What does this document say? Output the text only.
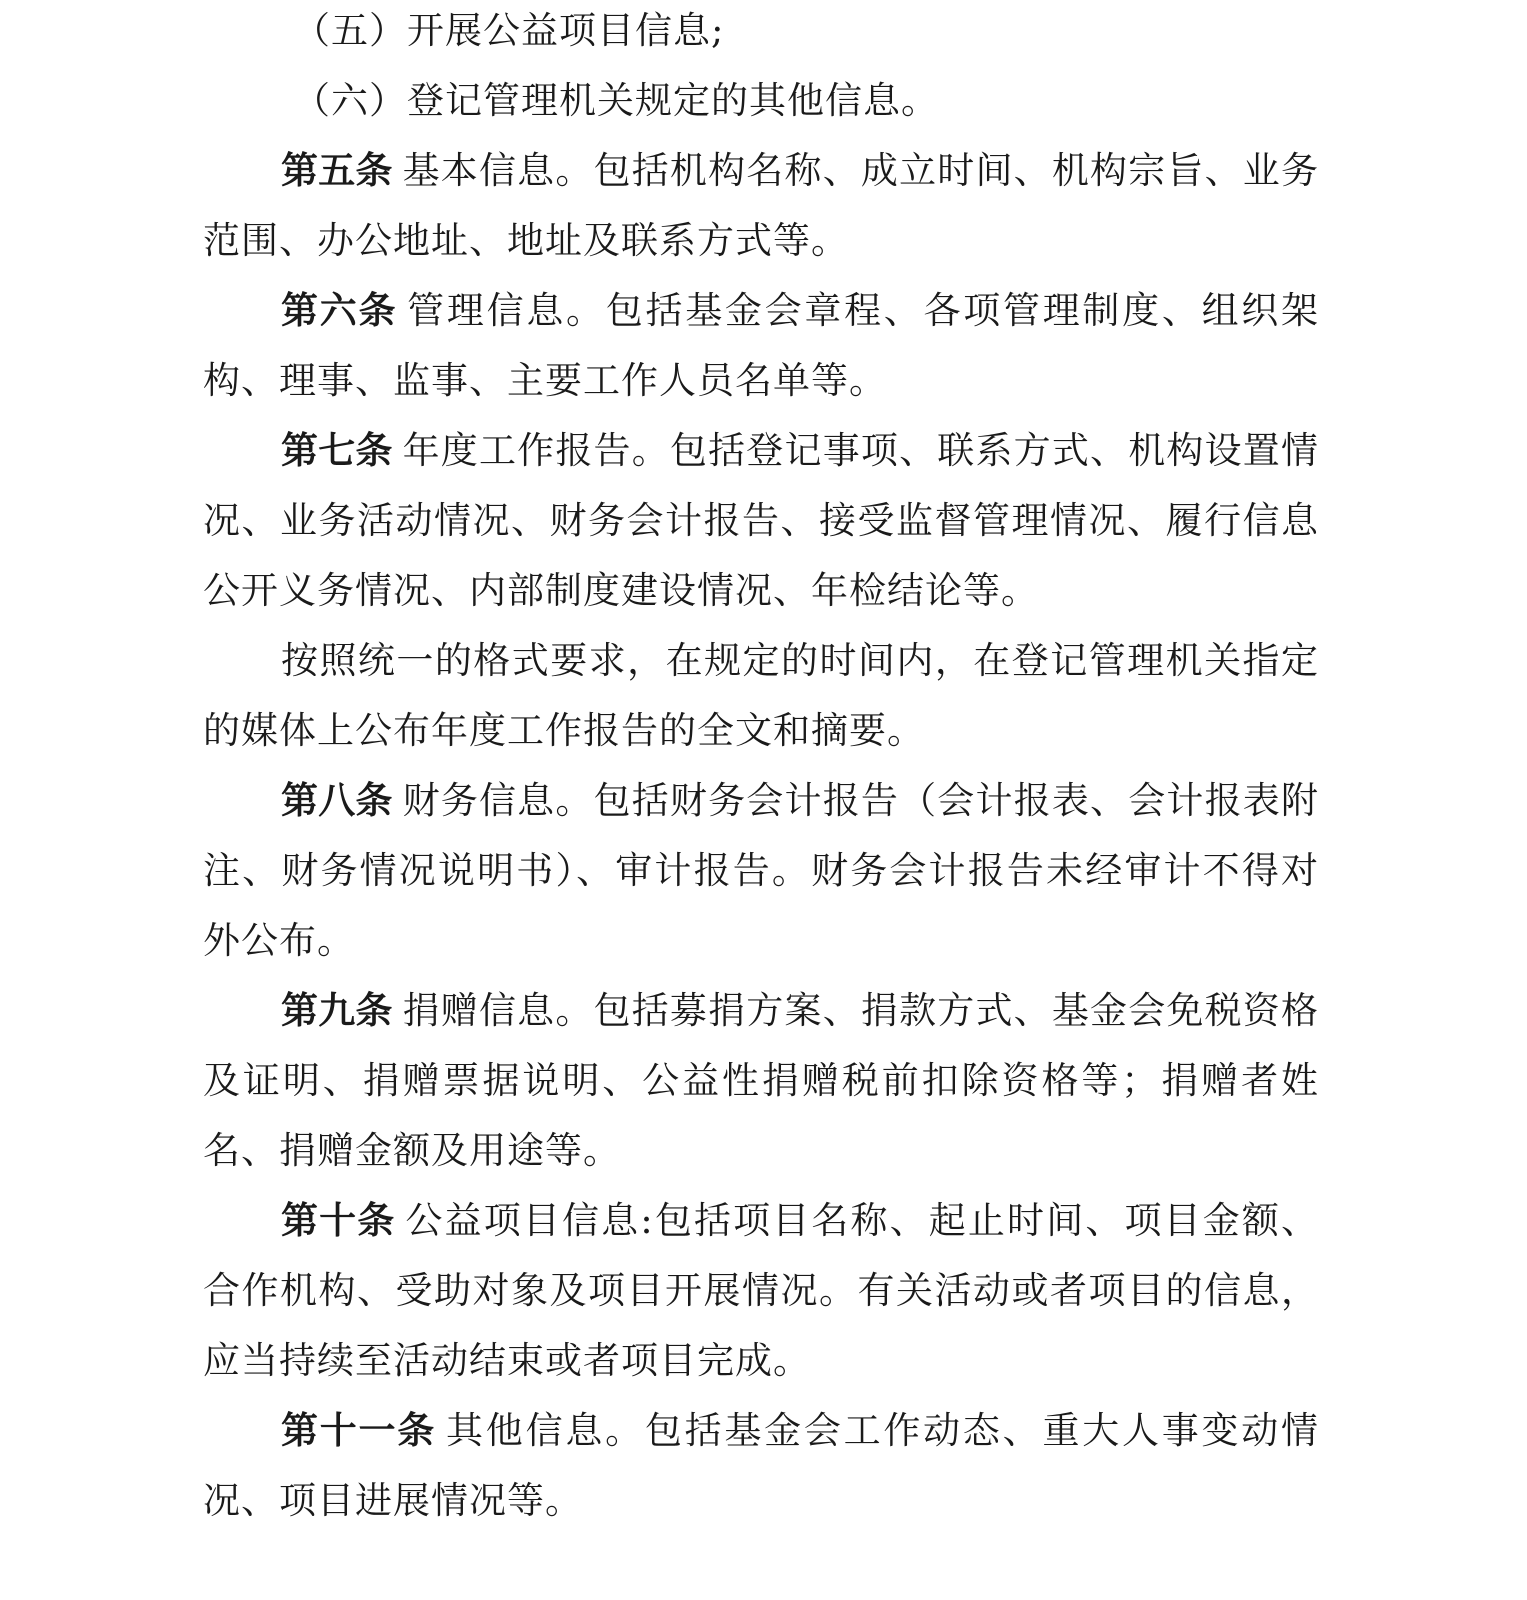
（五）开展公益项目信息;

（六）登记管理机关规定的其他信息。

第五条 基本信息。包括机构名称、成立时间、机构宗旨、业务范围、办公地址、地址及联系方式等。

第六条 管理信息。包括基金会章程、各项管理制度、组织架构、理事、监事、主要工作人员名单等。

第七条 年度工作报告。包括登记事项、联系方式、机构设置情况、业务活动情况、财务会计报告、接受监督管理情况、履行信息公开义务情况、内部制度建设情况、年检结论等。

按照统一的格式要求，在规定的时间内，在登记管理机关指定的媒体上公布年度工作报告的全文和摘要。

第八条 财务信息。包括财务会计报告（会计报表、会计报表附注、财务情况说明书）、审计报告。财务会计报告未经审计不得对外公布。

第九条 捐赠信息。包括募捐方案、捐款方式、基金会免税资格及证明、捐赠票据说明、公益性捐赠税前扣除资格等；捐赠者姓名、捐赠金额及用途等。

第十条 公益项目信息:包括项目名称、起止时间、项目金额、合作机构、受助对象及项目开展情况。有关活动或者项目的信息，应当持续至活动结束或者项目完成。

第十一条 其他信息。包括基金会工作动态、重大人事变动情况、项目进展情况等。
